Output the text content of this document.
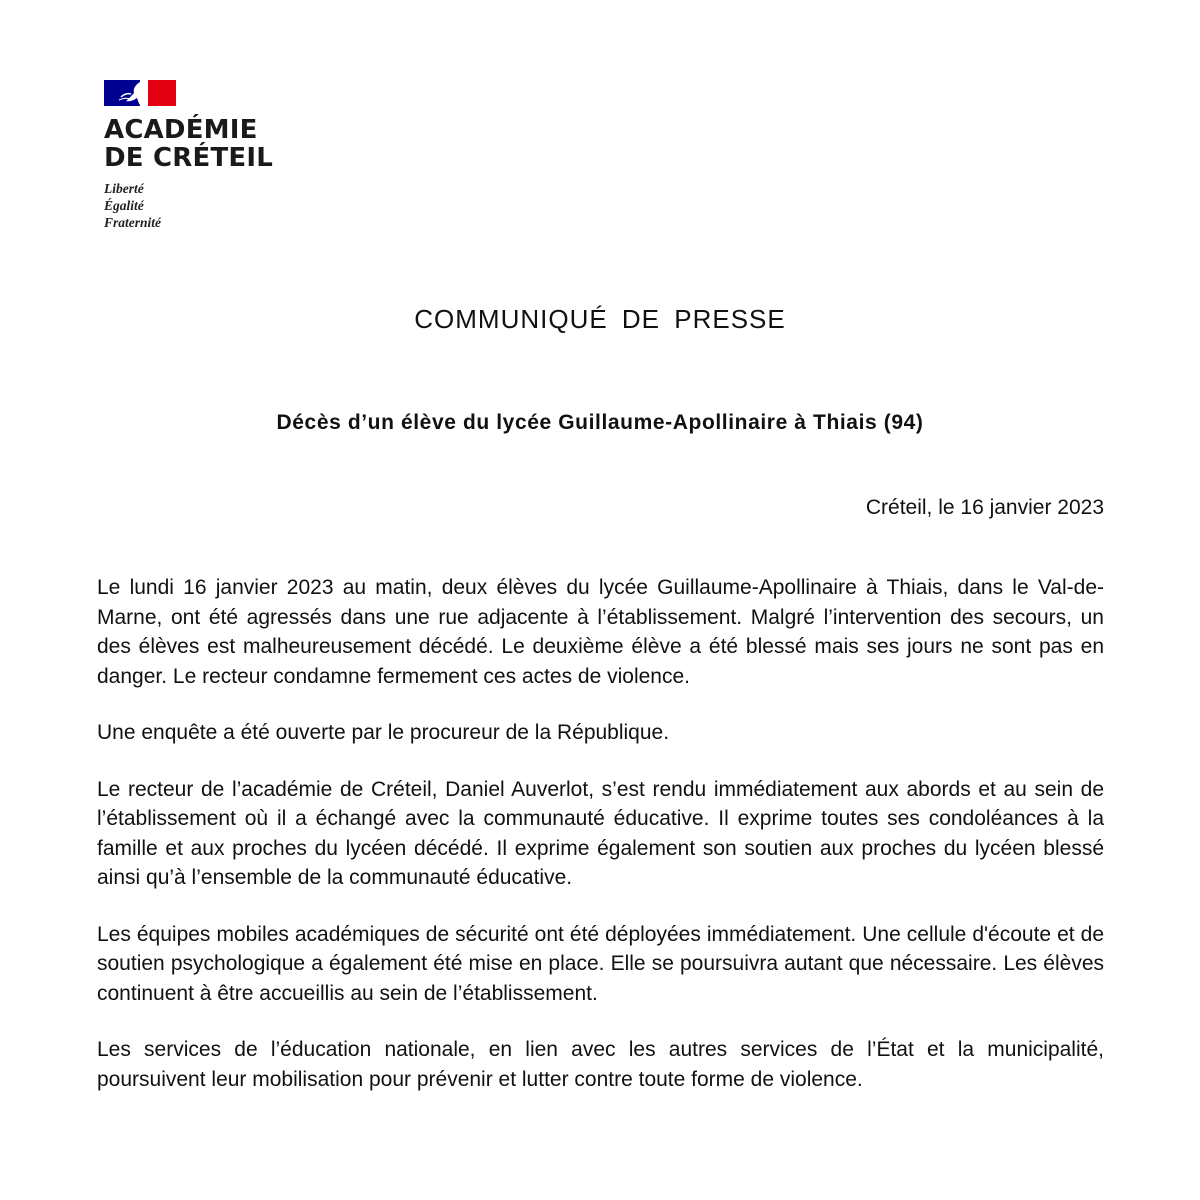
ACADÉMIE
DE CRÉTEIL
Liberté
Égalité
Fraternité
COMMUNIQUÉ DE PRESSE
Décès d’un élève du lycée Guillaume-Apollinaire à Thiais (94)
Créteil, le 16 janvier 2023

Le lundi 16 janvier 2023 au matin, deux élèves du lycée Guillaume-Apollinaire à Thiais, dans le Val-de-Marne, ont été agressés dans une rue adjacente à l’établissement. Malgré l’intervention des secours, un des élèves est malheureusement décédé. Le deuxième élève a été blessé mais ses jours ne sont pas en danger. Le recteur condamne fermement ces actes de violence.

Une enquête a été ouverte par le procureur de la République.

Le recteur de l’académie de Créteil, Daniel Auverlot, s’est rendu immédiatement aux abords et au sein de l’établissement où il a échangé avec la communauté éducative. Il exprime toutes ses condoléances à la famille et aux proches du lycéen décédé. Il exprime également son soutien aux proches du lycéen blessé ainsi qu’à l’ensemble de la communauté éducative.

Les équipes mobiles académiques de sécurité ont été déployées immédiatement. Une cellule d'écoute et de soutien psychologique a également été mise en place. Elle se poursuivra autant que nécessaire. Les élèves continuent à être accueillis au sein de l’établissement.

Les services de l’éducation nationale, en lien avec les autres services de l’État et la municipalité, poursuivent leur mobilisation pour prévenir et lutter contre toute forme de violence.
